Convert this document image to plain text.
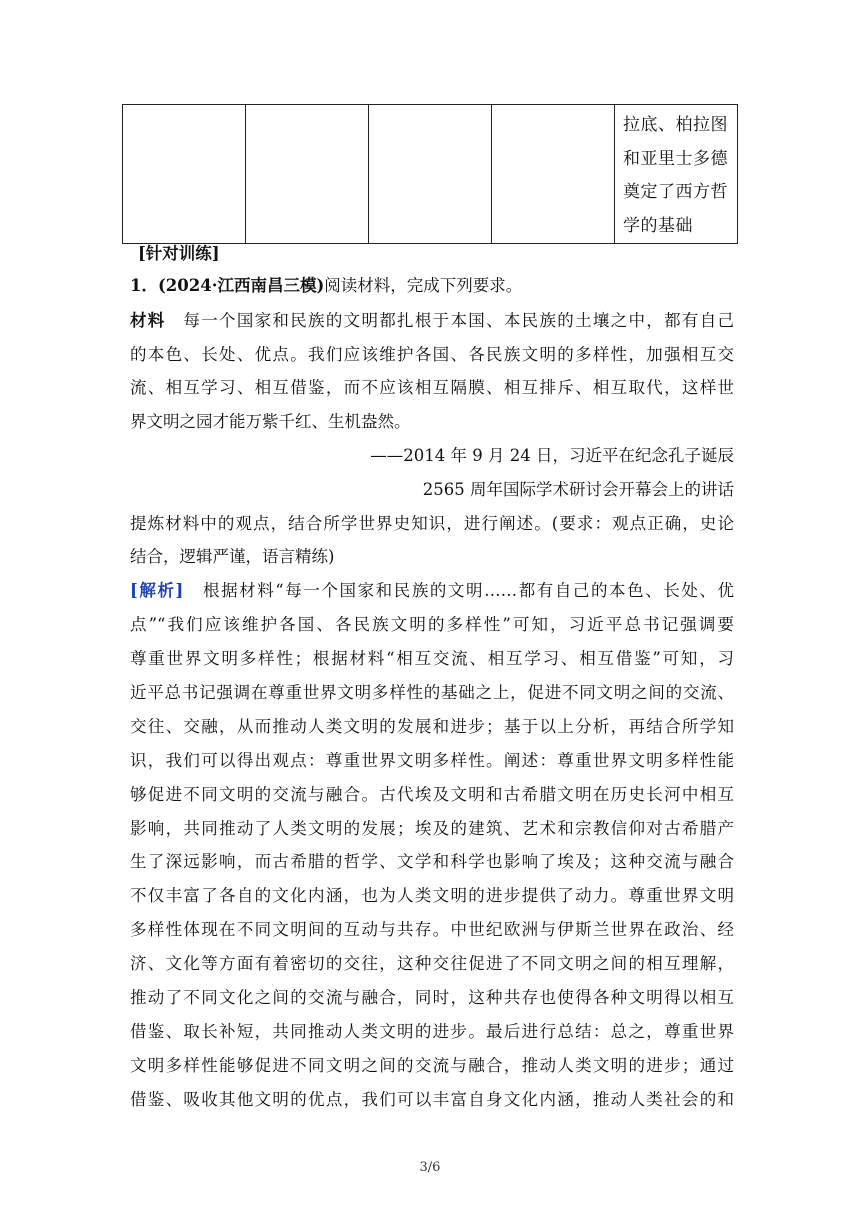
拉底、柏拉图
和亚里士多德
奠定了西方哲
学的基础
[针对训练]
1．(2024·江西南昌三模)阅读材料，完成下列要求。
材料　 每一个国家和民族的文明都扎根于本国、本民族的土壤之中，都有自己
的本色、长处、优点。我们应该维护各国、各民族文明的多样性，加强相互交
流、相互学习、相互借鉴，而不应该相互隔膜、相互排斥、相互取代，这样世
界文明之园才能万紫千红、生机盎然。
——2014 年 9 月 24 日，习近平在纪念孔子诞辰
2565 周年国际学术研讨会开幕会上的讲话
提炼材料中的观点，结合所学世界史知识，进行阐述。(要求：观点正确，史论
结合，逻辑严谨，语言精练)
[解析]　 根据材料“每一个国家和民族的文明……都有自己的本色、长处、优
点”“我们应该维护各国、各民族文明的多样性”可知，习近平总书记强调要
尊重世界文明多样性；根据材料“相互交流、相互学习、相互借鉴”可知，习
近平总书记强调在尊重世界文明多样性的基础之上，促进不同文明之间的交流、
交往、交融，从而推动人类文明的发展和进步；基于以上分析，再结合所学知
识，我们可以得出观点：尊重世界文明多样性。阐述：尊重世界文明多样性能
够促进不同文明的交流与融合。古代埃及文明和古希腊文明在历史长河中相互
影响，共同推动了人类文明的发展；埃及的建筑、艺术和宗教信仰对古希腊产
生了深远影响，而古希腊的哲学、文学和科学也影响了埃及；这种交流与融合
不仅丰富了各自的文化内涵，也为人类文明的进步提供了动力。尊重世界文明
多样性体现在不同文明间的互动与共存。中世纪欧洲与伊斯兰世界在政治、经
济、文化等方面有着密切的交往，这种交往促进了不同文明之间的相互理解，
推动了不同文化之间的交流与融合，同时，这种共存也使得各种文明得以相互
借鉴、取长补短，共同推动人类文明的进步。最后进行总结：总之，尊重世界
文明多样性能够促进不同文明之间的交流与融合，推动人类文明的进步；通过
借鉴、吸收其他文明的优点，我们可以丰富自身文化内涵，推动人类社会的和
3/6
